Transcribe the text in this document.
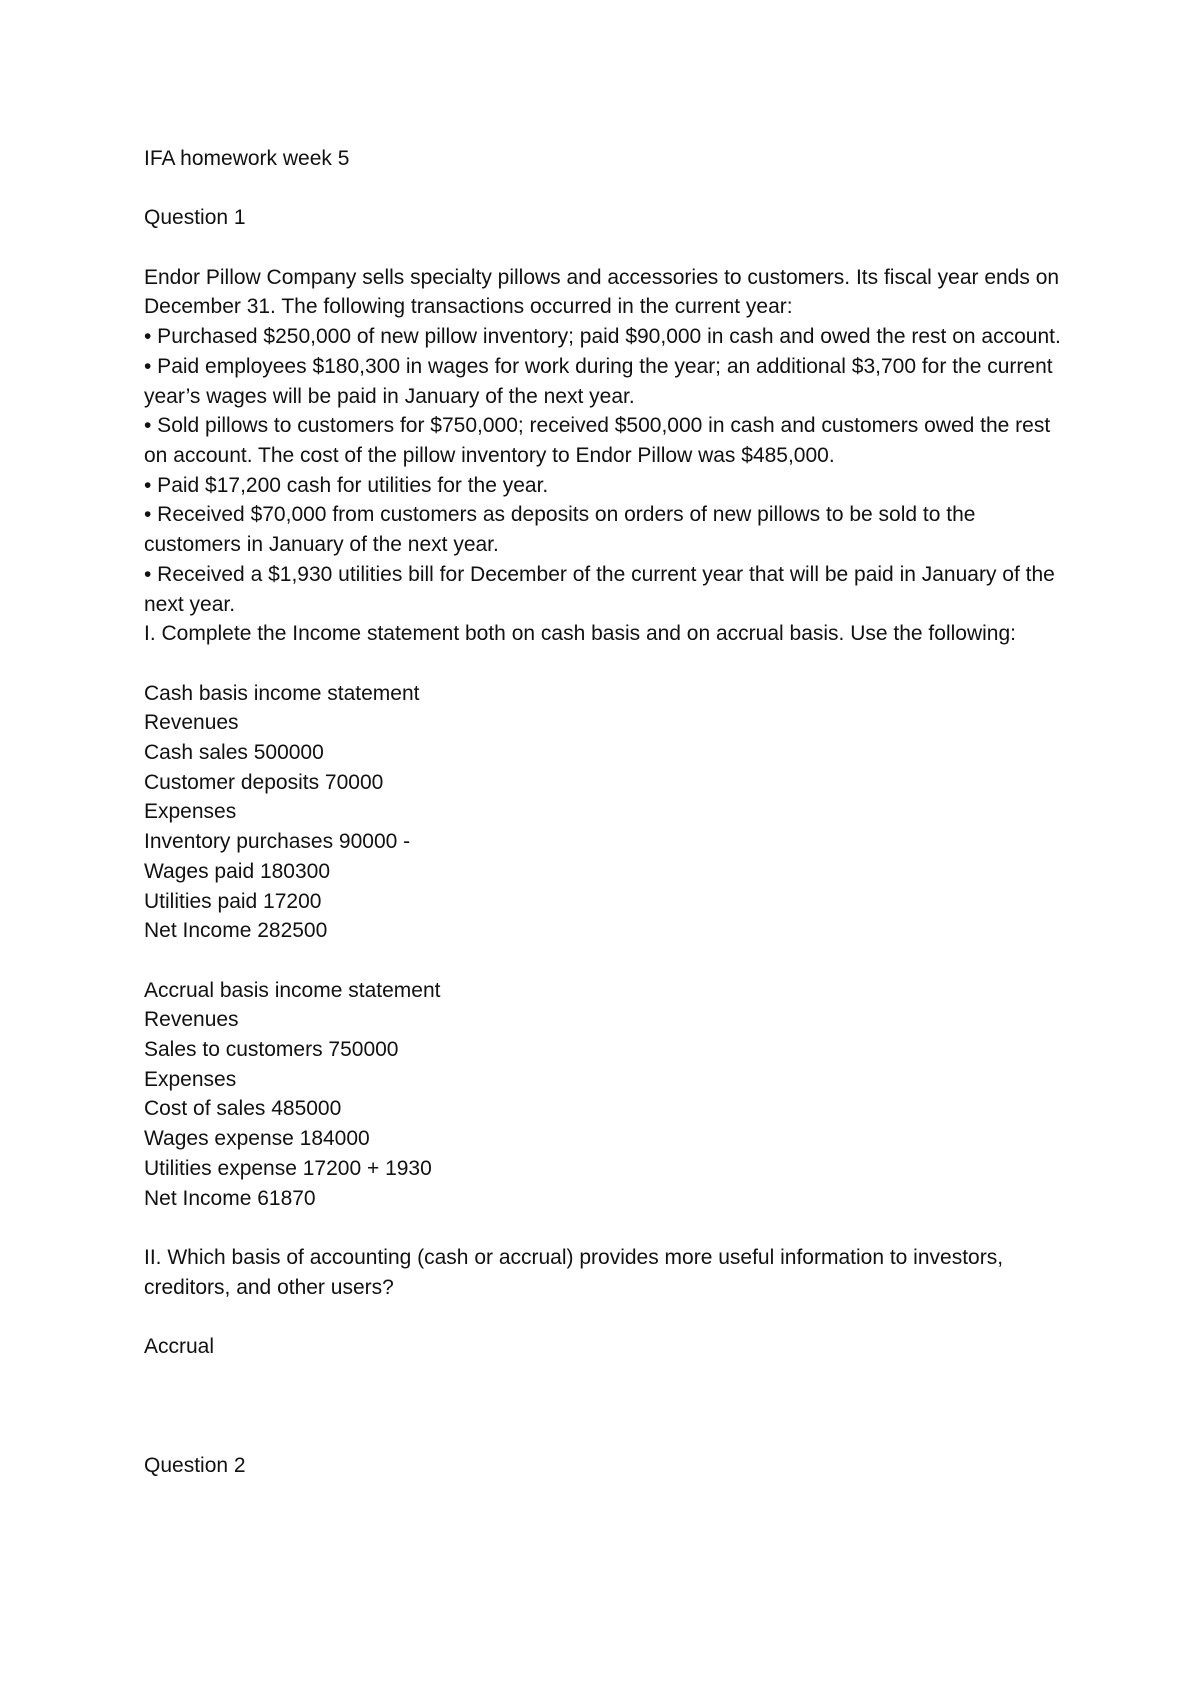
IFA homework week 5

Question 1

Endor Pillow Company sells specialty pillows and accessories to customers. Its fiscal year ends on

December 31. The following transactions occurred in the current year:

• Purchased $250,000 of new pillow inventory; paid $90,000 in cash and owed the rest on account.

• Paid employees $180,300 in wages for work during the year; an additional $3,700 for the current year’s wages will be paid in January of the next year.

• Sold pillows to customers for $750,000; received $500,000 in cash and customers owed the rest on account. The cost of the pillow inventory to Endor Pillow was $485,000.

• Paid $17,200 cash for utilities for the year.

• Received $70,000 from customers as deposits on orders of new pillows to be sold to the customers in January of the next year.

• Received a $1,930 utilities bill for December of the current year that will be paid in January of the next year.

I. Complete the Income statement both on cash basis and on accrual basis. Use the following:

Cash basis income statement

Revenues

Cash sales 500000

Customer deposits 70000

Expenses

Inventory purchases 90000 -

Wages paid 180300

Utilities paid 17200

Net Income 282500

Accrual basis income statement

Revenues

Sales to customers 750000

Expenses

Cost of sales 485000

Wages expense 184000

Utilities expense 17200 + 1930

Net Income 61870

II. Which basis of accounting (cash or accrual) provides more useful information to investors, creditors, and other users?

Accrual

Question 2
